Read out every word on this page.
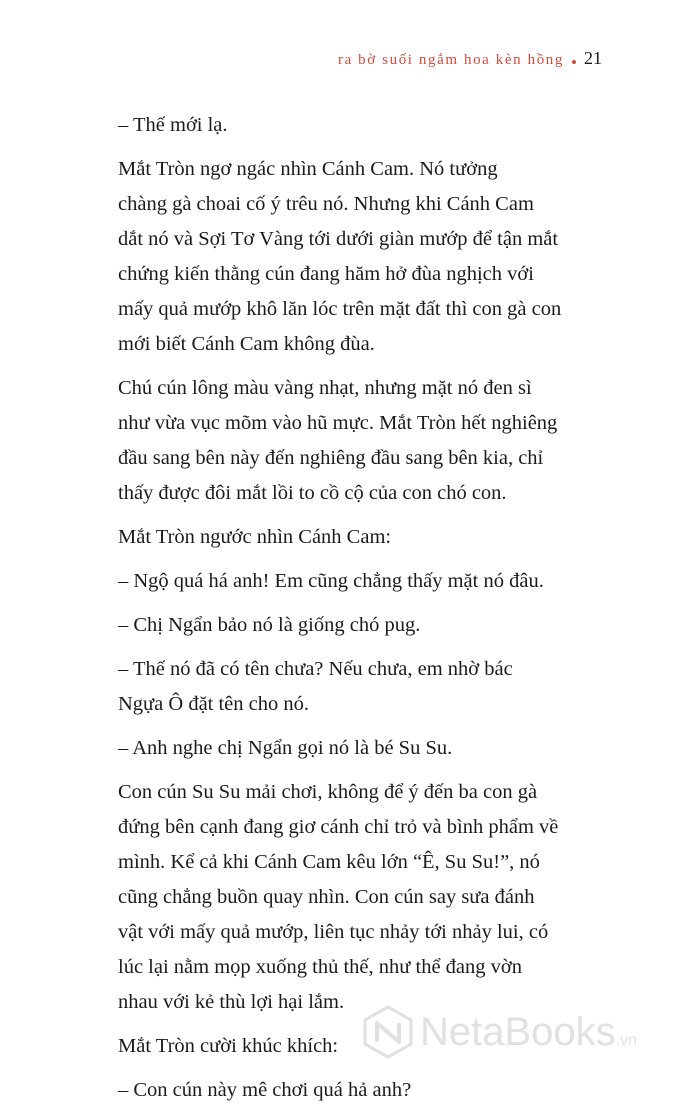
ra bờ suối ngắm hoa kèn hồng 21

– Thế mới lạ.

Mắt Tròn ngơ ngác nhìn Cánh Cam. Nó tưởng
chàng gà choai cố ý trêu nó. Nhưng khi Cánh Cam
dắt nó và Sợi Tơ Vàng tới dưới giàn mướp để tận mắt
chứng kiến thằng cún đang hăm hở đùa nghịch với
mấy quả mướp khô lăn lóc trên mặt đất thì con gà con
mới biết Cánh Cam không đùa.

Chú cún lông màu vàng nhạt, nhưng mặt nó đen sì
như vừa vục mõm vào hũ mực. Mắt Tròn hết nghiêng
đầu sang bên này đến nghiêng đầu sang bên kia, chỉ
thấy được đôi mắt lồi to cồ cộ của con chó con.

Mắt Tròn ngước nhìn Cánh Cam:

– Ngộ quá há anh! Em cũng chẳng thấy mặt nó đâu.

– Chị Ngẩn bảo nó là giống chó pug.

– Thế nó đã có tên chưa? Nếu chưa, em nhờ bác
Ngựa Ô đặt tên cho nó.

– Anh nghe chị Ngẩn gọi nó là bé Su Su.

Con cún Su Su mải chơi, không để ý đến ba con gà
đứng bên cạnh đang giơ cánh chỉ trỏ và bình phẩm về
mình. Kể cả khi Cánh Cam kêu lớn “Ê, Su Su!”, nó
cũng chẳng buồn quay nhìn. Con cún say sưa đánh
vật với mấy quả mướp, liên tục nhảy tới nhảy lui, có
lúc lại nằm mọp xuống thủ thế, như thể đang vờn
nhau với kẻ thù lợi hại lắm.

Mắt Tròn cười khúc khích:

– Con cún này mê chơi quá hả anh?

NetaBooks .vn
